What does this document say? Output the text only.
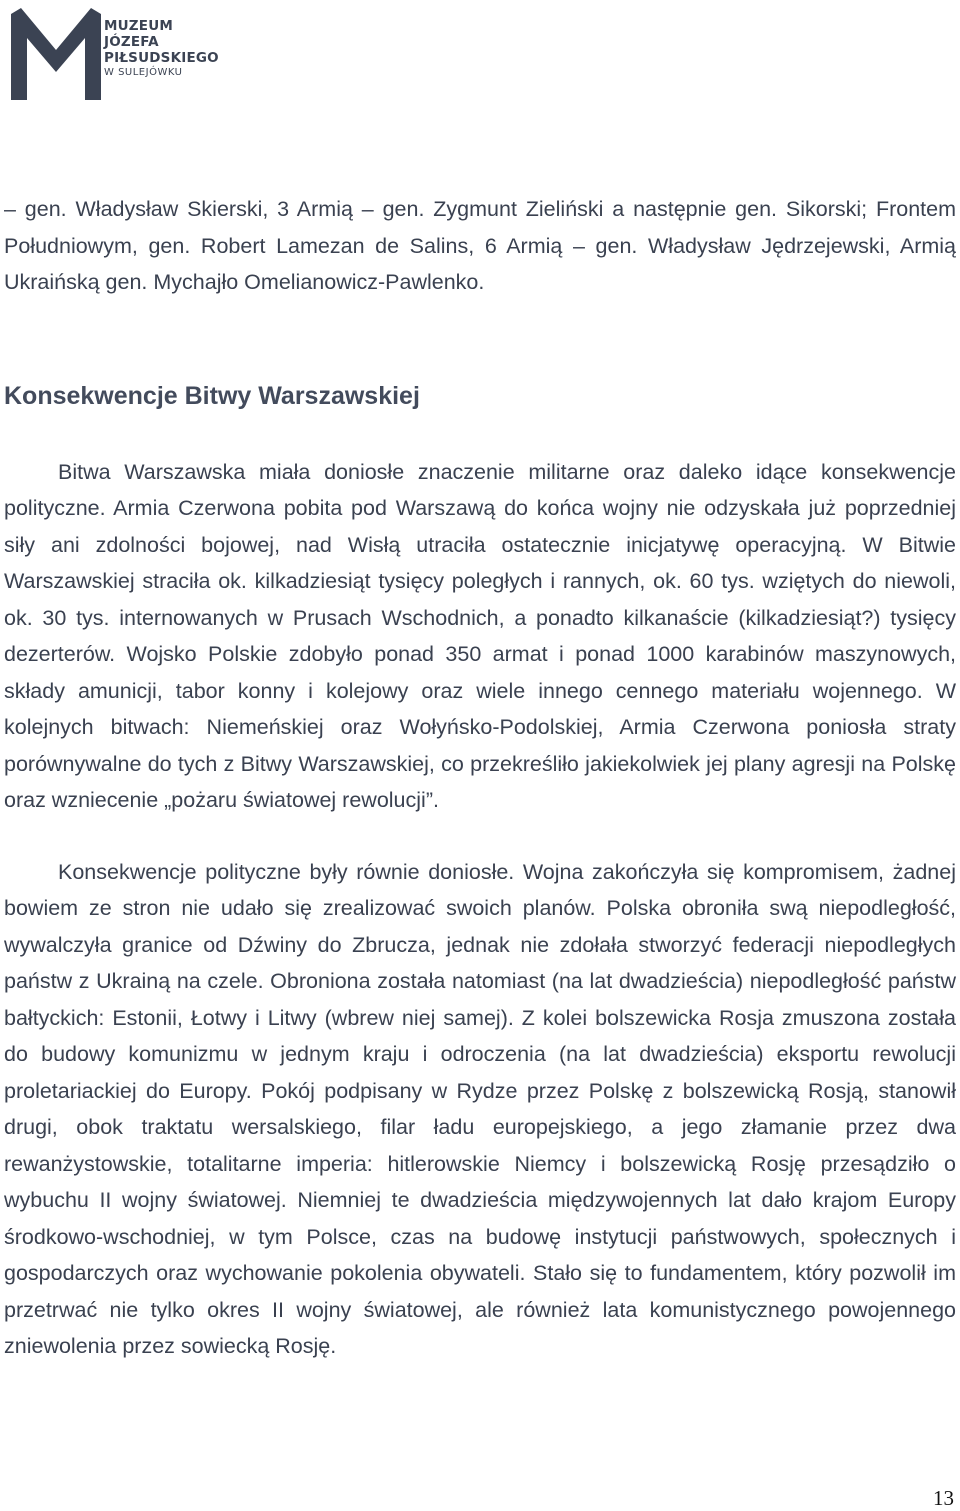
MUZEUM
JÓZEFA
PIŁSUDSKIEGO
W SULEJÓWKU

– gen. Władysław Skierski, 3 Armią – gen. Zygmunt Zieliński a następnie gen. Sikorski; Frontem Południowym, gen. Robert Lamezan de Salins, 6 Armią – gen. Władysław Jędrzejewski, Armią Ukraińską gen. Mychajło Omelianowicz-Pawlenko.

Konsekwencje Bitwy Warszawskiej

Bitwa Warszawska miała doniosłe znaczenie militarne oraz daleko idące konsekwencje polityczne. Armia Czerwona pobita pod Warszawą do końca wojny nie odzyskała już poprzedniej siły ani zdolności bojowej, nad Wisłą utraciła ostatecznie inicjatywę operacyjną. W Bitwie Warszawskiej straciła ok. kilkadziesiąt tysięcy poległych i rannych, ok. 60 tys. wziętych do niewoli, ok. 30 tys. internowanych w Prusach Wschodnich, a ponadto kilkanaście (kilkadziesiąt?) tysięcy dezerterów. Wojsko Polskie zdobyło ponad 350 armat i ponad 1000 karabinów maszynowych, składy amunicji, tabor konny i kolejowy oraz wiele innego cennego materiału wojennego. W kolejnych bitwach: Niemeńskiej oraz Wołyńsko-Podolskiej, Armia Czerwona poniosła straty porównywalne do tych z Bitwy Warszawskiej, co przekreśliło jakiekolwiek jej plany agresji na Polskę oraz wzniecenie „pożaru światowej rewolucji”.

Konsekwencje polityczne były równie doniosłe. Wojna zakończyła się kompromisem, żadnej bowiem ze stron nie udało się zrealizować swoich planów. Polska obroniła swą niepodległość, wywalczyła granice od Dźwiny do Zbrucza, jednak nie zdołała stworzyć federacji niepodległych państw z Ukrainą na czele. Obroniona została natomiast (na lat dwadzieścia) niepodległość państw bałtyckich: Estonii, Łotwy i Litwy (wbrew niej samej). Z kolei bolszewicka Rosja zmuszona została do budowy komunizmu w jednym kraju i odroczenia (na lat dwadzieścia) eksportu rewolucji proletariackiej do Europy. Pokój podpisany w Rydze przez Polskę z bolszewicką Rosją, stanowił drugi, obok traktatu wersalskiego, filar ładu europejskiego, a jego złamanie przez dwa rewanżystowskie, totalitarne imperia: hitlerowskie Niemcy i bolszewicką Rosję przesądziło o wybuchu II wojny światowej. Niemniej te dwadzieścia międzywojennych lat dało krajom Europy środkowo-wschodniej, w tym Polsce, czas na budowę instytucji państwowych, społecznych i gospodarczych oraz wychowanie pokolenia obywateli. Stało się to fundamentem, który pozwolił im przetrwać nie tylko okres II wojny światowej, ale również lata komunistycznego powojennego zniewolenia przez sowiecką Rosję.

13
